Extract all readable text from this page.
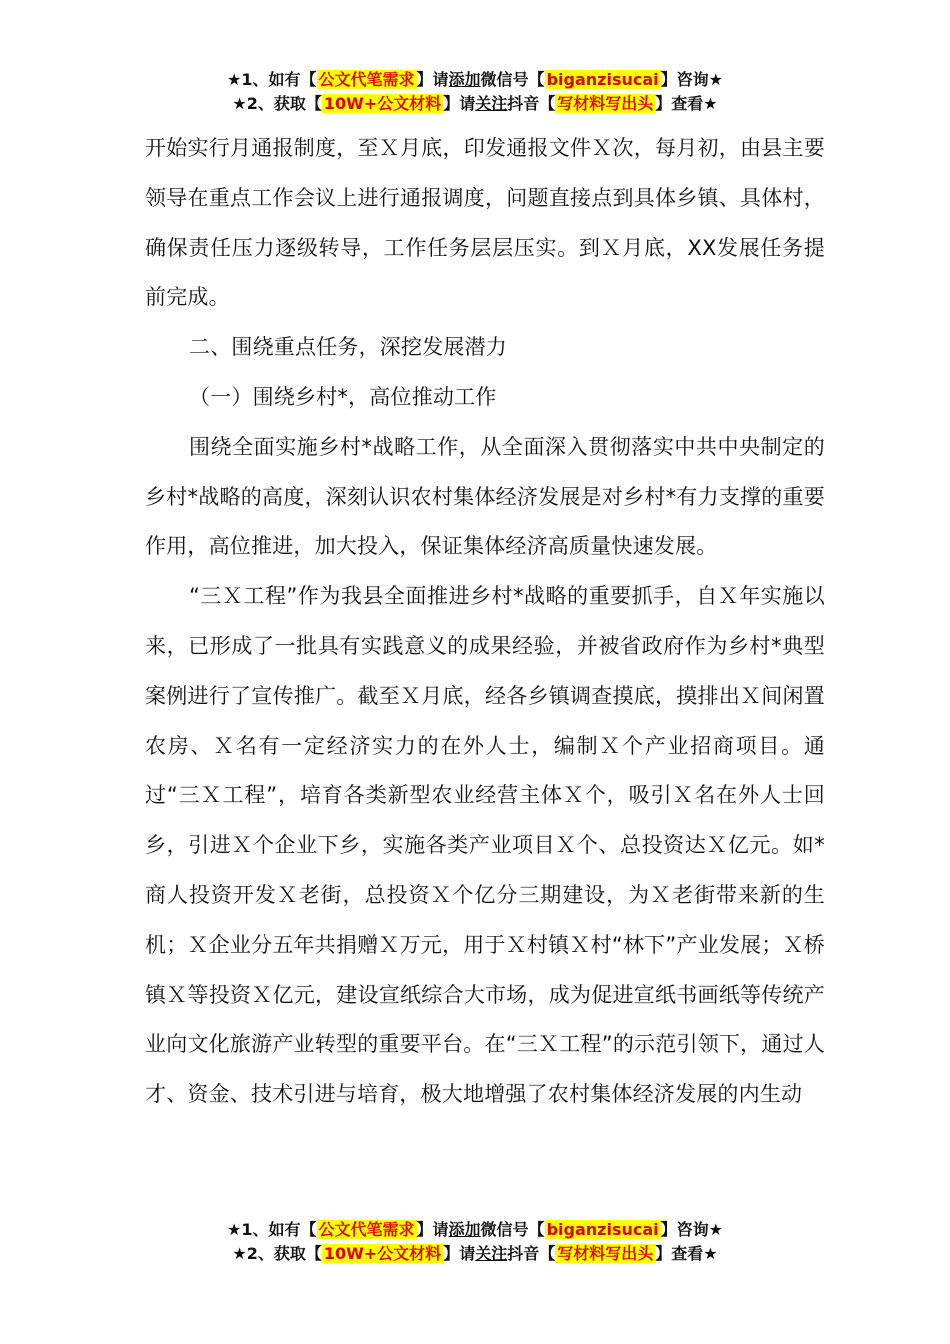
★1、如有【 公文代笔需求 】请添加微信号【 biganzisucai 】咨询★
★2、获取【 10W+公文材料 】请关注抖音【 写材料写出头 】查看★

开始实行月通报制度，至Ｘ月底，印发通报文件Ｘ次，每月初，由县主要领导在重点工作会议上进行通报调度，问题直接点到具体乡镇、具体村，确保责任压力逐级转导，工作任务层层压实。到Ｘ月底，XX发展任务提前完成。

二、围绕重点任务，深挖发展潜力

（一）围绕乡村*，高位推动工作

围绕全面实施乡村*战略工作，从全面深入贯彻落实中共中央制定的乡村*战略的高度，深刻认识农村集体经济发展是对乡村*有力支撑的重要作用，高位推进，加大投入，保证集体经济高质量快速发展。

“三Ｘ工程”作为我县全面推进乡村*战略的重要抓手，自Ｘ年实施以来，已形成了一批具有实践意义的成果经验，并被省政府作为乡村*典型案例进行了宣传推广。截至Ｘ月底，经各乡镇调查摸底，摸排出Ｘ间闲置农房、Ｘ名有一定经济实力的在外人士，编制Ｘ个产业招商项目。通过“三Ｘ工程”，培育各类新型农业经营主体Ｘ个，吸引Ｘ名在外人士回乡，引进Ｘ个企业下乡，实施各类产业项目Ｘ个、总投资达Ｘ亿元。如*商人投资开发Ｘ老街，总投资Ｘ个亿分三期建设，为Ｘ老街带来新的生机；Ｘ企业分五年共捐赠Ｘ万元，用于Ｘ村镇Ｘ村“林下”产业发展；Ｘ桥镇Ｘ等投资Ｘ亿元，建设宣纸综合大市场，成为促进宣纸书画纸等传统产业向文化旅游产业转型的重要平台。在“三Ｘ工程”的示范引领下，通过人才、资金、技术引进与培育，极大地增强了农村集体经济发展的内生动

★1、如有【 公文代笔需求 】请添加微信号【 biganzisucai 】咨询★
★2、获取【 10W+公文材料 】请关注抖音【 写材料写出头 】查看★
